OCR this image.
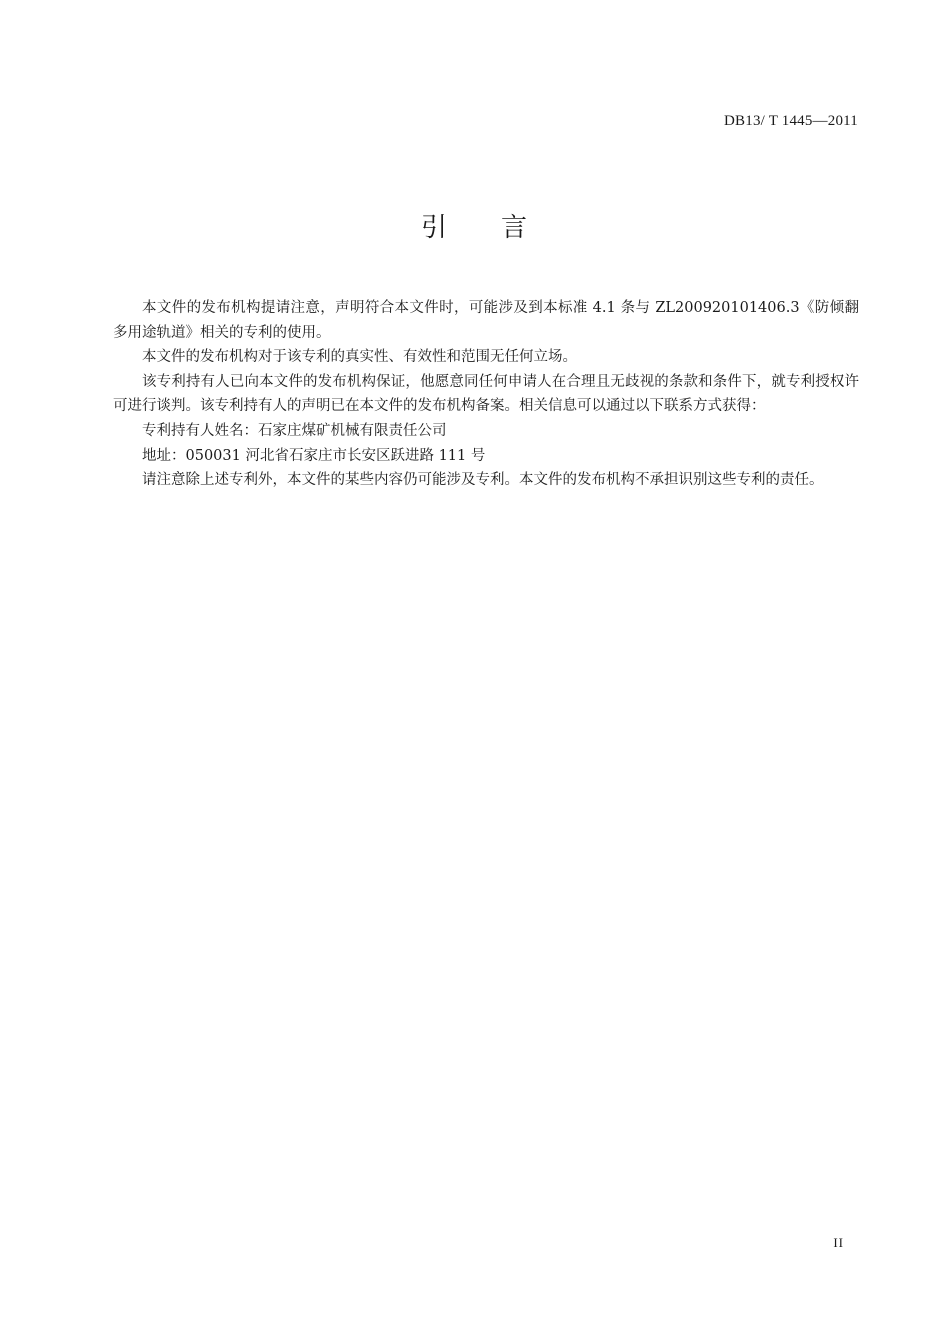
DB13/ T 1445—2011
引 言

本文件的发布机构提请注意，声明符合本文件时，可能涉及到本标准 4.1 条与 ZL200920101406.3《防倾翻多用途轨道》相关的专利的使用。

本文件的发布机构对于该专利的真实性、有效性和范围无任何立场。

该专利持有人已向本文件的发布机构保证，他愿意同任何申请人在合理且无歧视的条款和条件下，就专利授权许可进行谈判。该专利持有人的声明已在本文件的发布机构备案。相关信息可以通过以下联系方式获得：

专利持有人姓名：石家庄煤矿机械有限责任公司

地址：050031 河北省石家庄市长安区跃进路 111 号

请注意除上述专利外，本文件的某些内容仍可能涉及专利。本文件的发布机构不承担识别这些专利的责任。

II
